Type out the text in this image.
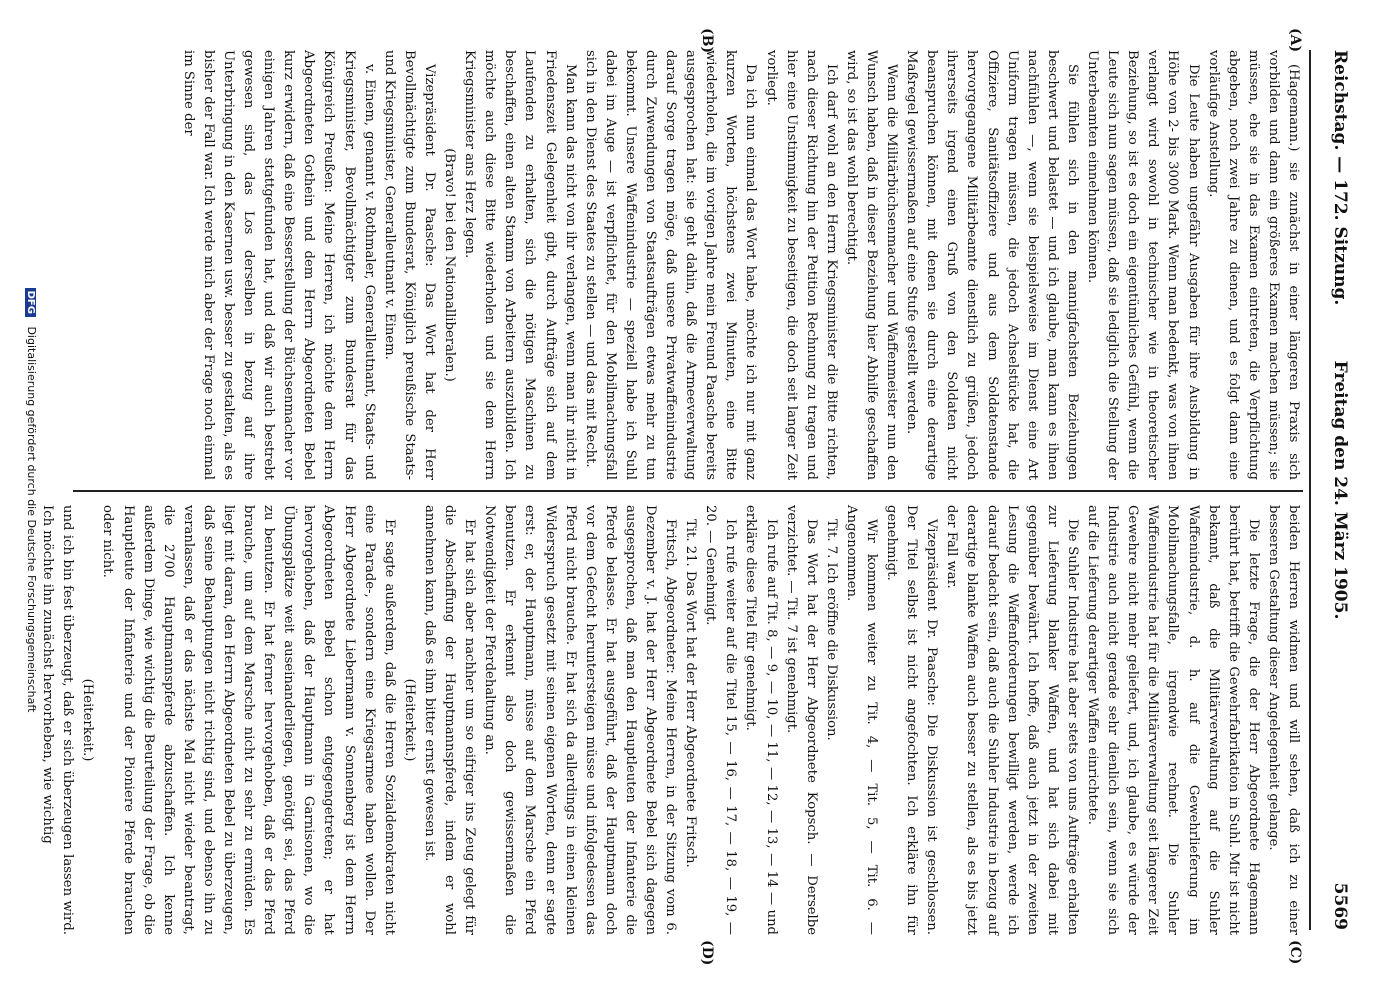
Reichstag. — 172. Sitzung.
Freitag den 24. März 1905.
5569
(A)
(B)
(C)
(D)

(Hagemann.) sie zunächst in einer längeren Praxis sich vorbilden und dann ein größeres Examen machen müssen; sie müssen, ehe sie in das Examen eintreten, die Verpflichtung abgeben, noch zwei Jahre zu dienen, und es folgt dann eine vorläufige Anstellung.

Die Leute haben ungefähr Ausgaben für ihre Ausbildung in Höhe von 2- bis 3000 Mark. Wenn man bedenkt, was von ihnen verlangt wird sowohl in technischer wie in theoretischer Beziehung, so ist es doch ein eigentümliches Gefühl, wenn die Leute sich nun sagen müssen, daß sie lediglich die Stellung der Unterbeamten einnehmen können.

Sie fühlen sich in den mannigfachsten Beziehungen beschwert und belastet — und ich glaube, man kann es ihnen nachfühlen —, wenn sie beispielsweise im Dienst eine Art Uniform tragen müssen, die jedoch Achselstücke hat, die Offiziere, Sanitätsoffiziere und aus dem Soldatenstande hervorgegangene Militärbeamte dienstlich zu grüßen, jedoch ihrerseits irgend einen Gruß von den Soldaten nicht beanspruchen können, mit denen sie durch eine derartige Maßregel gewissermaßen auf eine Stufe gestellt werden.

Wenn die Militärbüchsenmacher und Waffenmeister nun den Wunsch haben, daß in dieser Beziehung hier Abhilfe geschaffen wird, so ist das wohl berechtigt.

Ich darf wohl an den Herrn Kriegsminister die Bitte richten, nach dieser Richtung hin der Petition Rechnung zu tragen und hier eine Unstimmigkeit zu beseitigen, die doch seit langer Zeit vorliegt.

Da ich nun einmal das Wort habe, möchte ich nur mit ganz kurzen Worten, höchstens zwei Minuten, eine Bitte wiederholen, die im vorigen Jahre mein Freund Paasche bereits ausgesprochen hat: sie geht dahin, daß die Armeeverwaltung darauf Sorge tragen möge, daß unsere Privatwaffenindustrie durch Zuwendungen von Staatsaufträgen etwas mehr zu tun bekommt. Unsere Waffenindustrie — speziell habe ich Suhl dabei im Auge — ist verpflichtet, für den Mobilmachungsfall sich in den Dienst des Staates zu stellen — und das mit Recht.

Man kann das nicht von ihr verlangen, wenn man ihr nicht in Friedenszeit Gelegenheit gibt, durch Aufträge sich auf dem Laufenden zu erhalten, sich die nötigen Maschinen zu beschaffen, einen alten Stamm von Arbeitern auszubilden. Ich möchte auch diese Bitte wiederholen und sie dem Herrn Kriegsminister ans Herz legen.

(Bravo! bei den Nationalliberalen.)

Vizepräsident Dr. Paasche: Das Wort hat der Herr Bevollmächtigte zum Bundesrat, Königlich preußische Staats- und Kriegsminister, Generalleutnant v. Einem.

v. Einem, genannt v. Rothmaler, Generalleutnant, Staats- und Kriegsminister, Bevollmächtigter zum Bundesrat für das Königreich Preußen: Meine Herren, ich möchte dem Herrn Abgeordneten Gothein und dem Herrn Abgeordneten Bebel kurz erwidern, daß eine Besserstellung der Büchsenmacher vor einigen Jahren stattgefunden hat, und daß wir auch bestrebt gewesen sind, das Los derselben in bezug auf ihre Unterbringung in den Kasernen usw. besser zu gestalten, als es bisher der Fall war. Ich werde mich aber der Frage noch einmal im Sinne der

beiden Herren widmen und will sehen, daß ich zu einer besseren Gestaltung dieser Angelegenheit gelange.

Die letzte Frage, die der Herr Abgeordnete Hagemann berührt hat, betrifft die Gewehrfabrikation in Suhl. Mir ist nicht bekannt, daß die Militärverwaltung auf die Suhler Waffenindustrie, d. h. auf die Gewehrlieferung im Mobilmachungsfalle, irgendwie rechnet. Die Suhler Waffenindustrie hat für die Militärverwaltung seit längerer Zeit Gewehre nicht mehr geliefert, und, ich glaube, es würde der Industrie auch nicht gerade sehr dienlich sein, wenn sie sich auf die Lieferung derartiger Waffen einrichtete.

Die Suhler Industrie hat aber stets von uns Aufträge erhalten zur Lieferung blanker Waffen, und hat sich dabei mit gegenüber bewährt. Ich hoffe, daß auch jetzt in der zweiten Lesung die Waffenforderungen bewilligt werden, werde ich darauf bedacht sein, daß auch die Suhler Industrie in bezug auf derartige blanke Waffen auch besser zu stellen, als es bis jetzt der Fall war.

Vizepräsident Dr. Paasche: Die Diskussion ist geschlossen. Der Titel selbst ist nicht angefochten. Ich erkläre ihn für genehmigt.

Wir kommen weiter zu Tit. 4, — Tit. 5, — Tit. 6. — Angenommen.

Tit. 7. Ich eröffne die Diskussion.

Das Wort hat der Herr Abgeordnete Kopsch. — Derselbe verzichtet. — Tit. 7 ist genehmigt.

Ich rufe auf Tit. 8, — 9, — 10, — 11, — 12, — 13, — 14 — und erkläre diese Titel für genehmigt.

Ich rufe weiter auf die Titel 15, — 16, — 17, — 18, — 19, — 20. — Genehmigt.

Tit. 21. Das Wort hat der Herr Abgeordnete Fritsch.

Fritsch, Abgeordneter: Meine Herren, in der Sitzung vom 6. Dezember v. J. hat der Herr Abgeordnete Bebel sich dagegen ausgesprochen, daß man den Hauptleuten der Infanterie die Pferde belasse. Er hat ausgeführt, daß der Hauptmann doch vor dem Gefecht heruntersteigen müsse und infolgedessen das Pferd nicht brauche. Er hat sich da allerdings in einen kleinen Widerspruch gesetzt mit seinen eigenen Worten, denn er sagte erst: er, der Hauptmann, müsse auf dem Marsche ein Pferd benutzen. Er erkennt also doch gewissermaßen die Notwendigkeit der Pferdehaltung an.

Er hat sich aber nachher um so eifriger ins Zeug gelegt für die Abschaffung der Hauptmannspferde, indem er wohl annehmen kann, daß es ihm bitter ernst gewesen ist.

(Heiterkeit.)

Er sagte außerdem, daß die Herren Sozialdemokraten nicht eine Parade-, sondern eine Kriegsarmee haben wollen. Der Herr Abgeordnete Liebermann v. Sonnenberg ist dem Herrn Abgeordneten Bebel schon entgegengetreten; er hat hervorgehoben, daß der Hauptmann in Garnisonen, wo die Übungsplätze weit auseinanderliegen, genötigt sei, das Pferd zu benutzen. Er hat ferner hervorgehoben, daß er das Pferd brauche, um auf dem Marsche nicht zu sehr zu ermüden. Es liegt mit daran, den Herrn Abgeordneten Bebel zu überzeugen, daß seine Behauptungen nicht richtig sind, und ebenso ihn zu veranlassen, daß er das nächste Mal nicht wieder beantragt, die 2700 Hauptmannspferde abzuschaffen. Ich kenne außerdem Dinge, wie wichtig die Beurteilung der Frage, ob die Hauptleute der Infanterie und der Pioniere Pferde brauchen oder nicht.

(Heiterkeit.)

und ich bin fest überzeugt, daß er sich überzeugen lassen wird. Ich möchte ihn zunächst hervorheben, wie wichtig

DFG Digitalisierung gefördert durch die Deutsche Forschungsgemeinschaft
